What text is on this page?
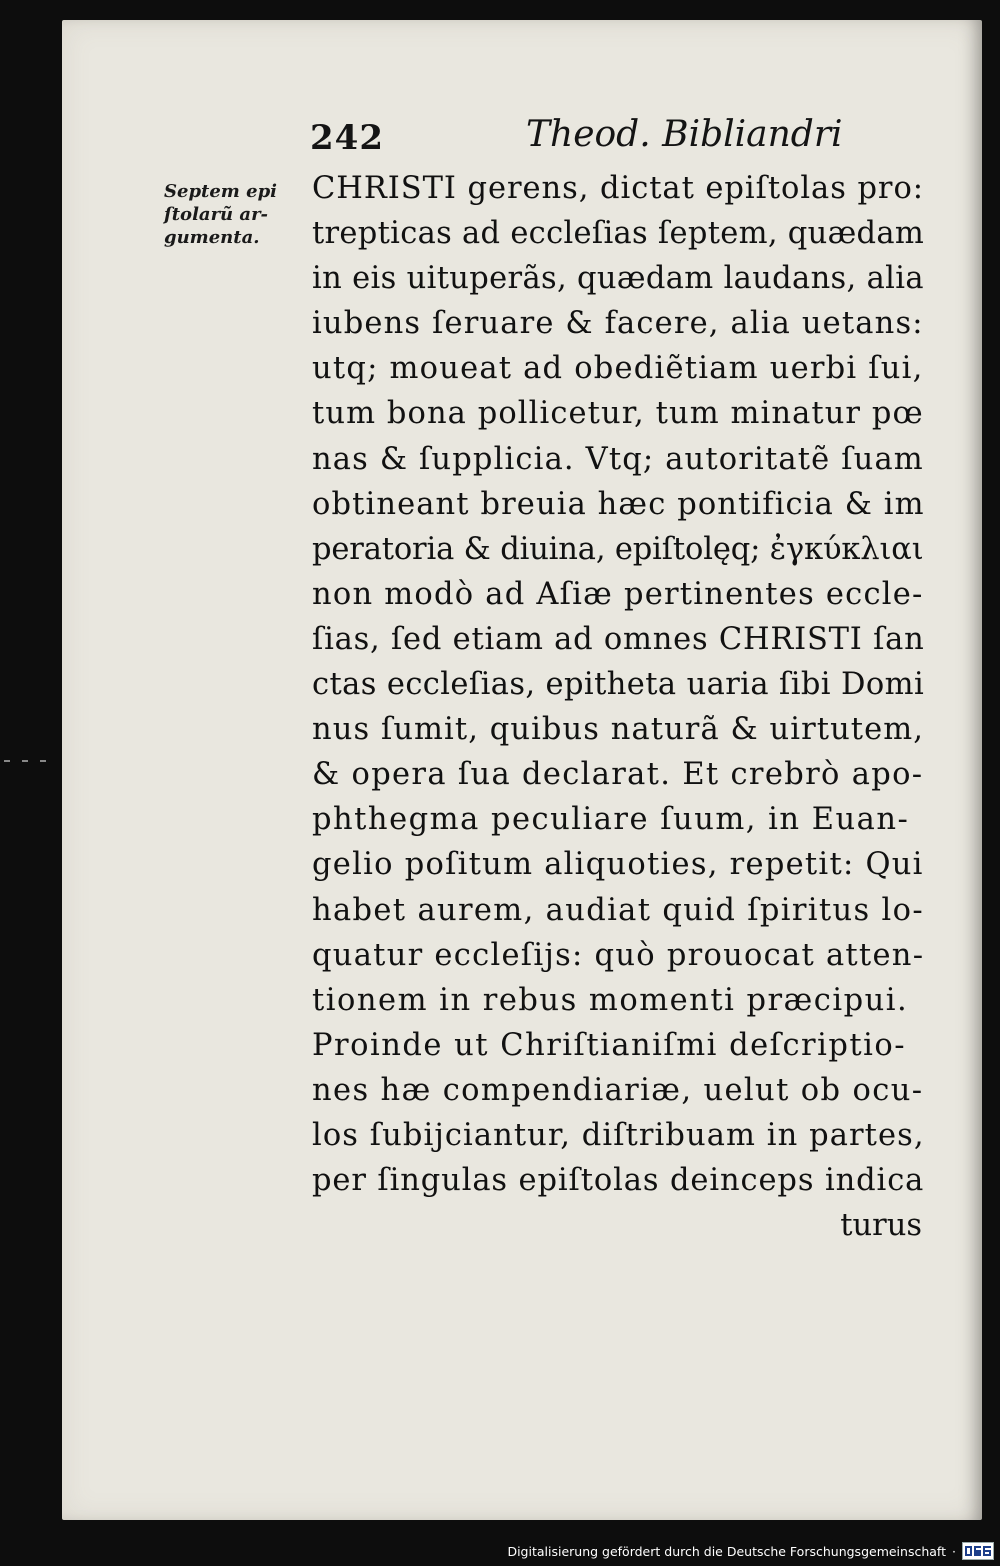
242	Theod. Bibliandri
Septem epi
ſtolarũ ar-
gumenta.
CHRISTI gerens, dictat epiſtolas pro:
trepticas ad eccleſias ſeptem, quædam
in eis uituperãs, quædam laudans, alia
iubens ſeruare & facere, alia uetans:
utq; moueat ad obediẽtiam uerbi ſui,
tum bona pollicetur, tum minatur pœ
nas & ſupplicia. Vtq; autoritatẽ ſuam
obtineant breuia hæc pontificia & im
peratoria & diuina, epiſtolęq; ἐγκύκλιαι
non modò ad Aſiæ pertinentes eccle-
ſias, ſed etiam ad omnes CHRISTI ſan
ctas eccleſias, epitheta uaria ſibi Domi
nus ſumit, quibus naturã & uirtutem,
& opera ſua declarat. Et crebrò apo-
phthegma peculiare ſuum, in Euan-
gelio poſitum aliquoties, repetit: Qui
habet aurem, audiat quid ſpiritus lo-
quatur eccleſijs: quò prouocat atten-
tionem in rebus momenti præcipui.
Proinde ut Chriſtianiſmi deſcriptio-
nes hæ compendiariæ, uelut ob ocu-
los ſubijciantur, diſtribuam in partes,
per ſingulas epiſtolas deinceps indica
turus
Digitalisierung gefördert durch die Deutsche Forschungsgemeinschaft ·
